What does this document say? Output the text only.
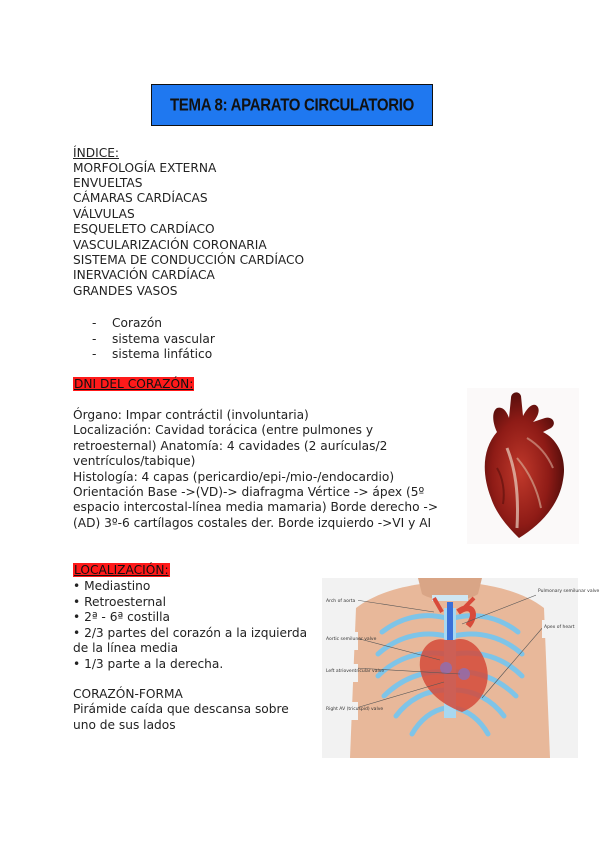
TEMA 8: APARATO CIRCULATORIO
ÍNDICE:
MORFOLOGÍA EXTERNA
ENVUELTAS
CÁMARAS CARDÍACAS
VÁLVULAS
ESQUELETO CARDÍACO
VASCULARIZACIÓN CORONARIA
SISTEMA DE CONDUCCIÓN CARDÍACO
INERVACIÓN CARDÍACA
GRANDES VASOS
- Corazón
- sistema vascular
- sistema linfático
DNI DEL CORAZÓN:
Órgano: Impar contráctil (involuntaria)
Localización: Cavidad torácica (entre pulmones y
retroesternal) Anatomía: 4 cavidades (2 aurículas/2
ventrículos/tabique)
Histología: 4 capas (pericardio/epi-/mio-/endocardio)
Orientación Base ->(VD)-> diafragma Vértice -> ápex (5º
espacio intercostal-línea media mamaria) Borde derecho ->
(AD) 3º-6 cartílagos costales der. Borde izquierdo ->VI y AI
LOCALIZACIÓN:
• Mediastino
• Retroesternal
• 2ª - 6ª costilla
• 2/3 partes del corazón a la izquierda
de la línea media
• 1/3 parte a la derecha.
CORAZÓN-FORMA
Pirámide caída que descansa sobre
uno de sus lados
Arch of aorta
Aortic semilunar valve
Left atrioventricular valve
Right AV (tricuspid) valve
Pulmonary semilunar valve
Apex of heart
